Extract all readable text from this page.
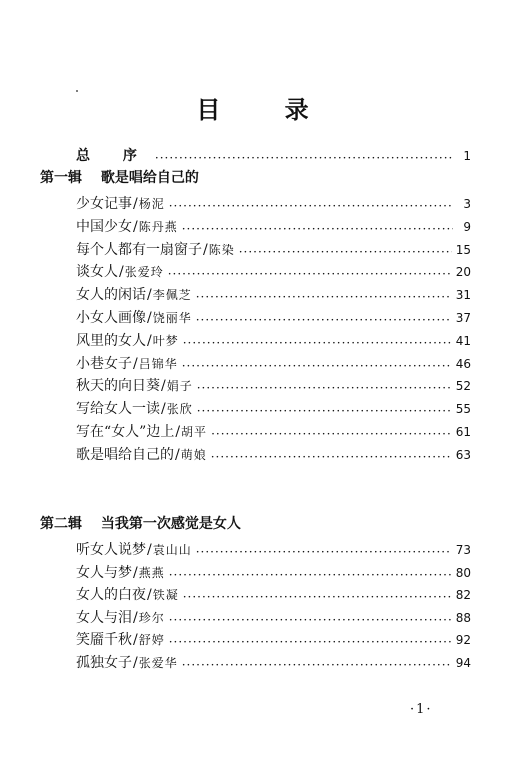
目 录
总 序 ·····	1
第一辑 歌是唱给自己的
少女记事/杨泥 ·····	3
中国少女/陈丹燕 ·····	9
每个人都有一扇窗子/陈染 ·····	15
谈女人/张爱玲 ·····	20
女人的闲话/李佩芝 ·····	31
小女人画像/饶丽华 ·····	37
风里的女人/叶梦 ·····	41
小巷女子/吕锦华 ·····	46
秋天的向日葵/娟子 ·····	52
写给女人一读/张欣 ·····	55
写在“女人”边上/胡平 ·····	61
歌是唱给自己的/萌娘 ·····	63
第二辑 当我第一次感觉是女人
听女人说梦/袁山山 ·····	73
女人与梦/燕燕 ·····	80
女人的白夜/铁凝 ·····	82
女人与泪/珍尔 ·····	88
笑靥千秋/舒婷 ·····	92
孤独女子/张爱华 ·····	94
·1·
